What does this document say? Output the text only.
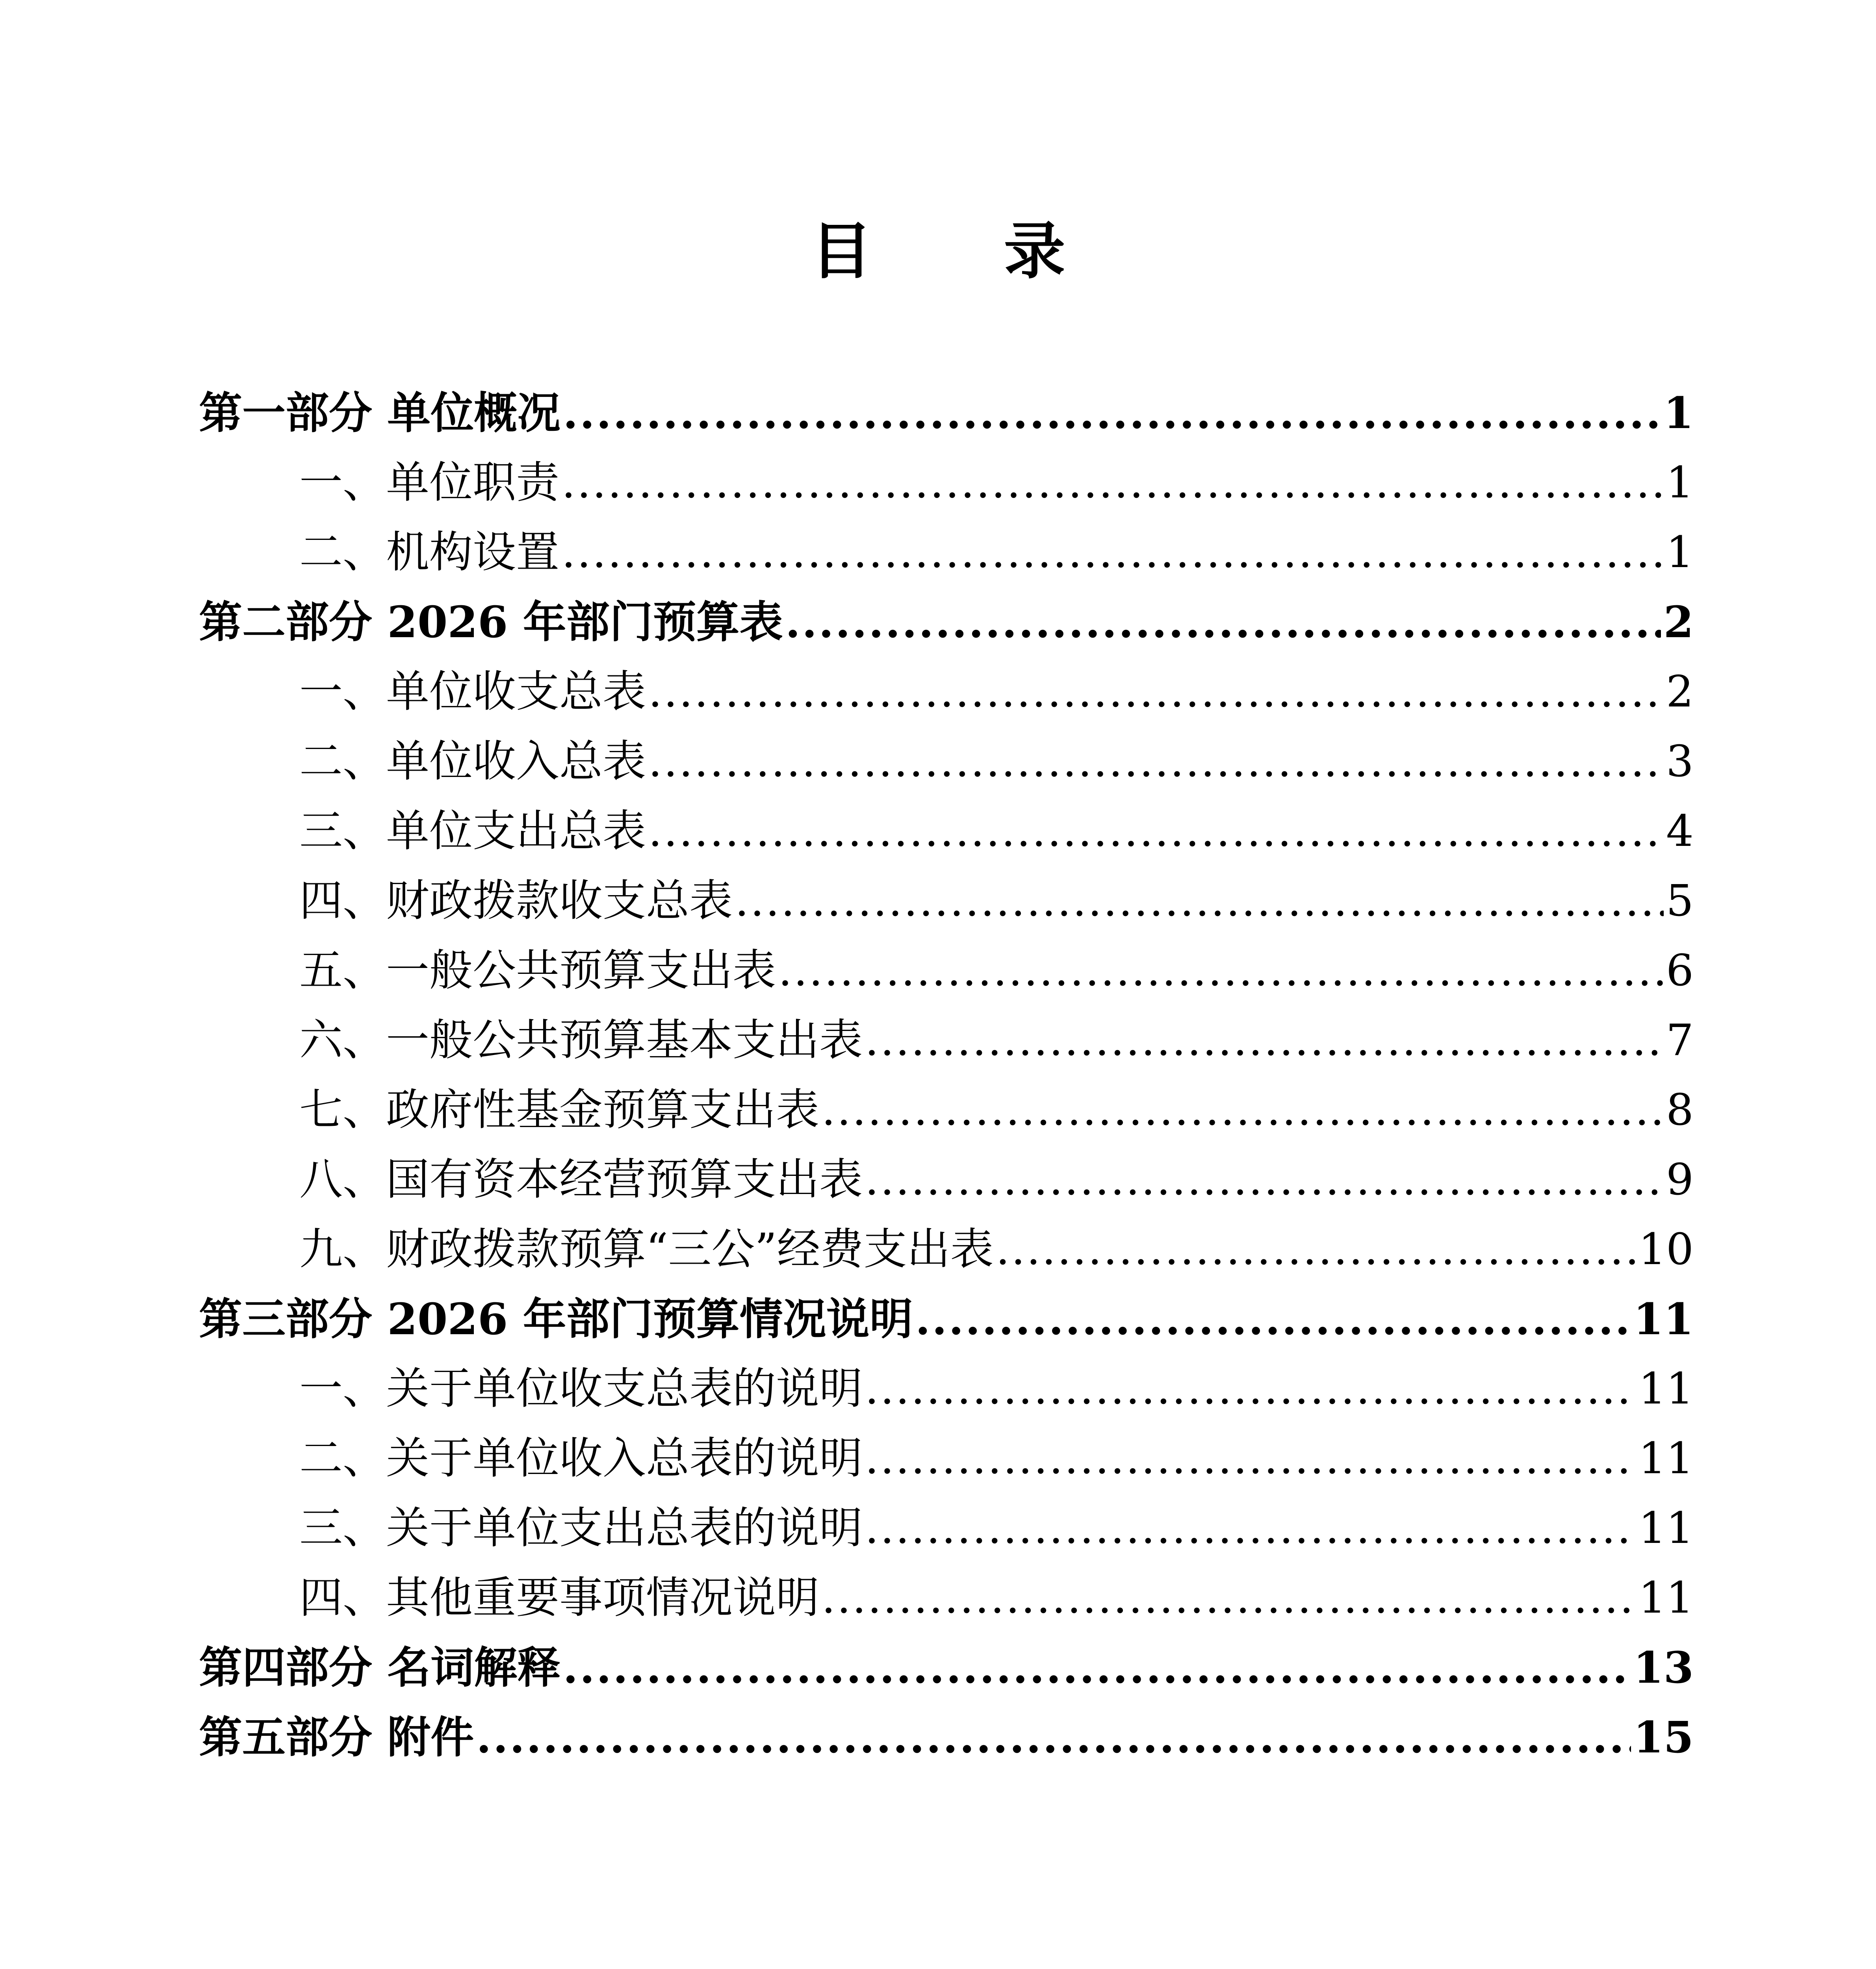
目 录
第一部分 单位概况 .....	1
一、单位职责 .....	1
二、机构设置 .....	1
第二部分 2026 年部门预算表 .....	2
一、单位收支总表 .....	2
二、单位收入总表 .....	3
三、单位支出总表 .....	4
四、财政拨款收支总表 .....	5
五、一般公共预算支出表 .....	6
六、一般公共预算基本支出表 .....	7
七、政府性基金预算支出表 .....	8
八、国有资本经营预算支出表 .....	9
九、财政拨款预算“三公”经费支出表 .....	10
第三部分 2026 年部门预算情况说明 .....	11
一、关于单位收支总表的说明 .....	11
二、关于单位收入总表的说明 .....	11
三、关于单位支出总表的说明 .....	11
四、其他重要事项情况说明 .....	11
第四部分 名词解释 .....	13
第五部分 附件 .....	15
